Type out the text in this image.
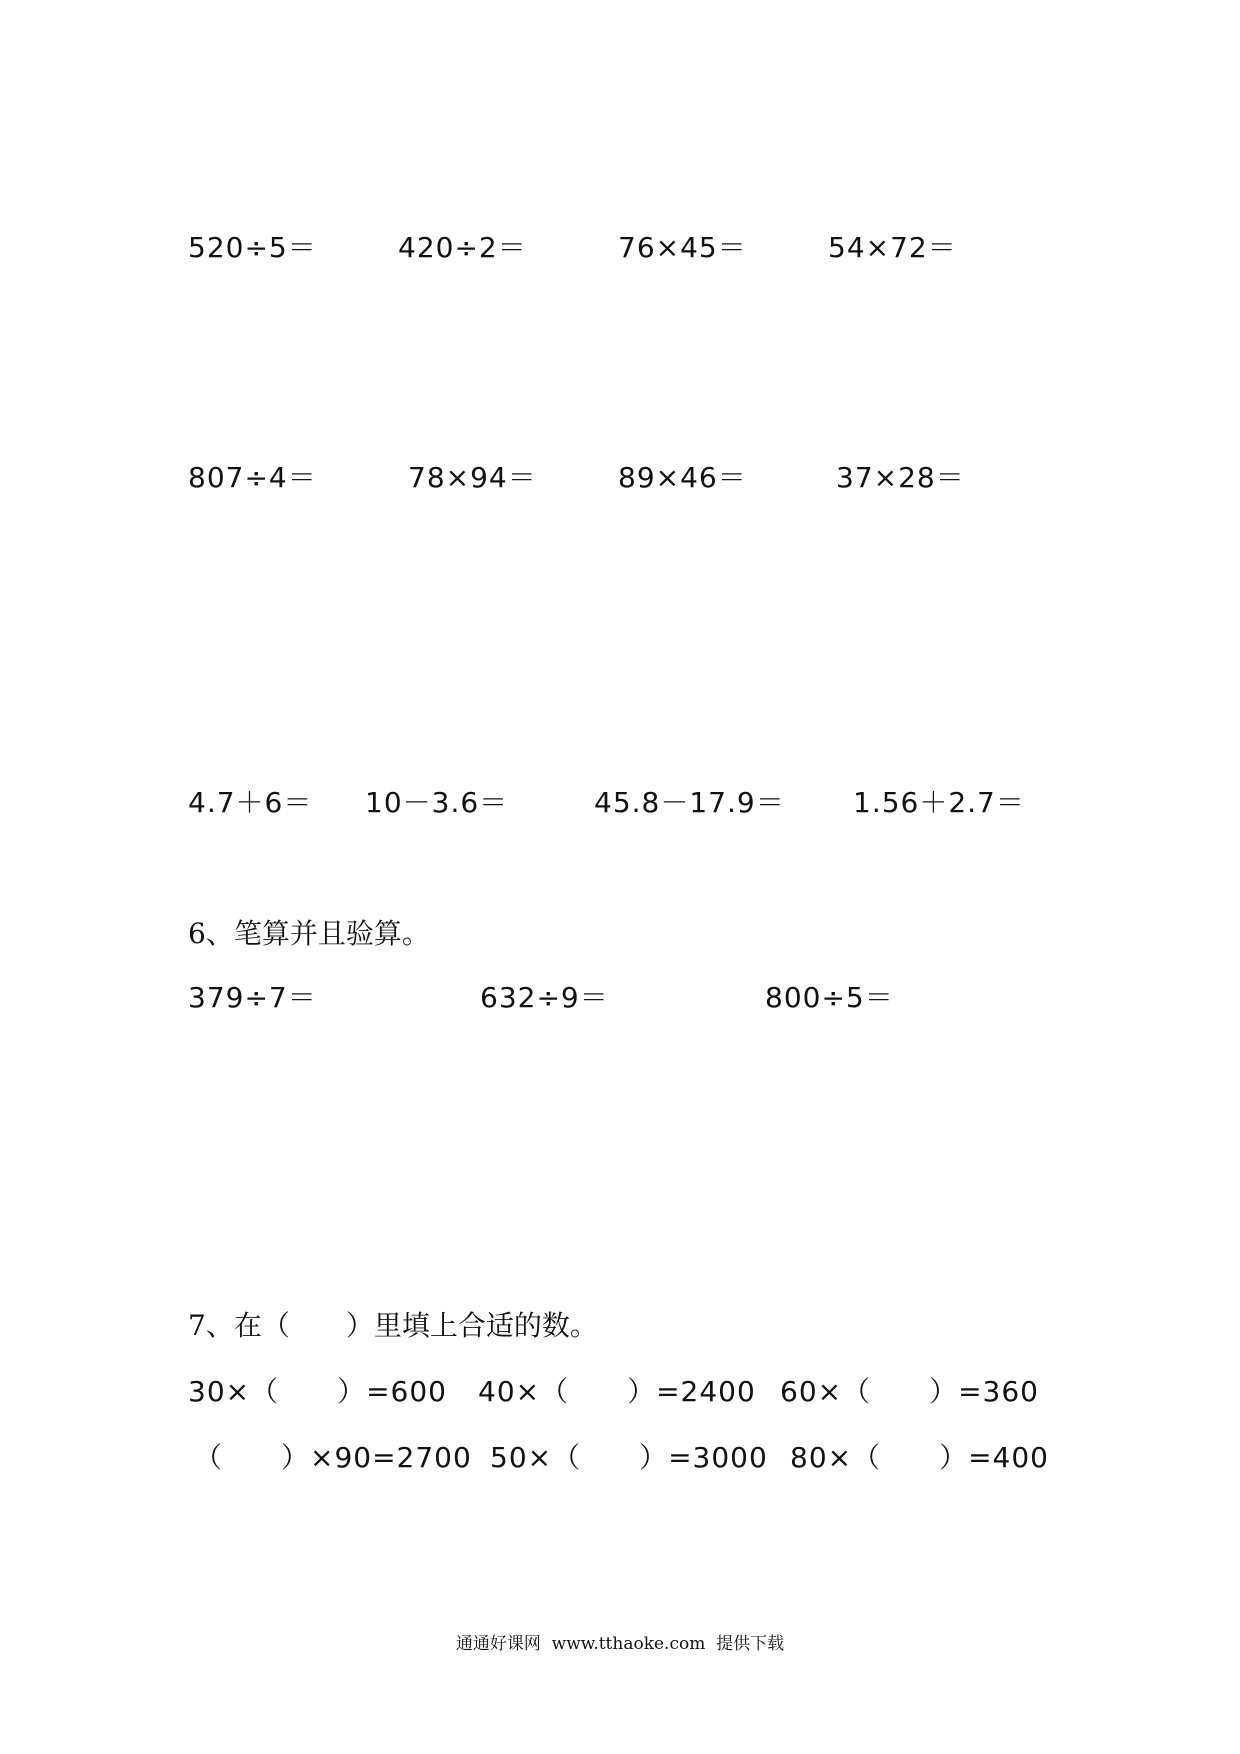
520÷5＝	420÷2＝	76×45＝	54×72＝
807÷4＝	78×94＝	89×46＝	37×28＝
4.7＋6＝ 10－3.6＝	45.8－17.9＝ 1.56＋2.7＝
6、笔算并且验算。
379÷7＝	632÷9＝	800÷5＝
7、在（　　）里填上合适的数。
30×（　　）=600 40×（　　）=2400 60×（　　）=360
（　　）×90=2700 50×（　　）=3000 80×（　　）=400
通通好课网  www.tthaoke.com  提供下载
